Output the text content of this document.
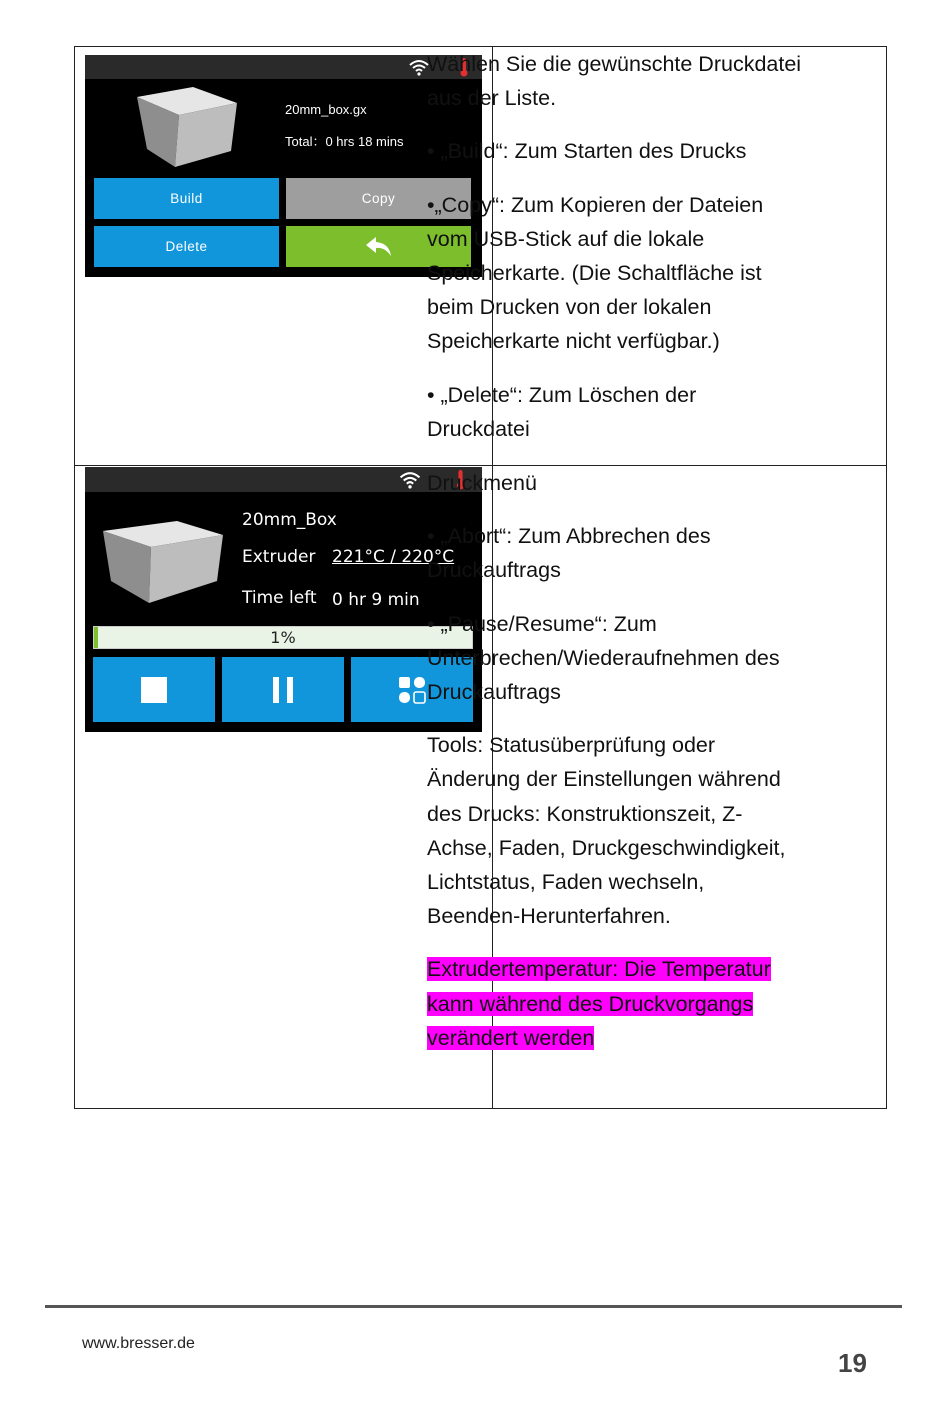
20mm_box.gx
Total：0 hrs 18 mins
Build	Copy
Delete

Wählen Sie die gewünschte Druckdatei aus der Liste.

• „Build“: Zum Starten des Drucks

•„Copy“: Zum Kopieren der Dateien vom USB-Stick auf die lokale Speicherkarte. (Die Schaltfläche ist beim Drucken von der lokalen Speicherkarte nicht verfügbar.)

• „Delete“: Zum Löschen der Druckdatei

20mm_Box
Extruder 221°C / 220°C
Time left 0 hr 9 min
1%

Druckmenü

• „Abort“: Zum Abbrechen des Druckauftrags

• „Pause/Resume“: Zum Unterbrechen/Wiederaufnehmen des Druckauftrags

Tools: Statusüberprüfung oder Änderung der Einstellungen während des Drucks: Konstruktionszeit, Z-Achse, Faden, Druckgeschwindigkeit, Lichtstatus, Faden wechseln, Beenden-Herunterfahren.

Extrudertemperatur: Die Temperatur kann während des Druckvorgangs verändert werden

www.bresser.de
19
